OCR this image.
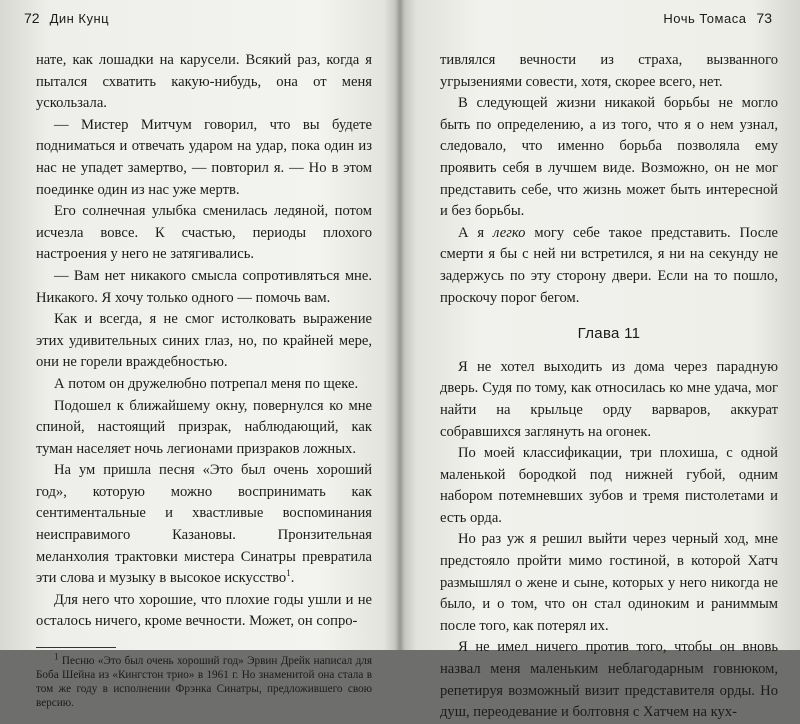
72 Дин Кунц

нате, как лошадки на карусели. Всякий раз, когда я пытался схватить какую-нибудь, она от меня ускользала.

— Мистер Митчум говорил, что вы будете подниматься и отвечать ударом на удар, пока один из нас не упадет замертво, — повторил я. — Но в этом поединке один из нас уже мертв.

Его солнечная улыбка сменилась ледяной, потом исчезла вовсе. К счастью, периоды плохого настроения у него не затягивались.

— Вам нет никакого смысла сопротивляться мне. Никакого. Я хочу только одного — помочь вам.

Как и всегда, я не смог истолковать выражение этих удивительных синих глаз, но, по крайней мере, они не горели враждебностью.

А потом он дружелюбно потрепал меня по щеке.

Подошел к ближайшему окну, повернулся ко мне спиной, настоящий призрак, наблюдающий, как туман населяет ночь легионами призраков ложных.

На ум пришла песня «Это был очень хороший год», которую можно воспринимать как сентиментальные и хвастливые воспоминания неисправимого Казановы. Пронзительная меланхолия трактовки мистера Синатры превратила эти слова и музыку в высокое искусство$^1$.

Для него что хорошие, что плохие годы ушли и не осталось ничего, кроме вечности. Может, он сопро-

$^1$ Песню «Это был очень хороший год» Эрвин Дрейк написал для Боба Шейна из «Кингстон трио» в 1961 г. Но знаменитой она стала в том же году в исполнении Фрэнка Синатры, предложившего свою версию.

Ночь Томаса 73

тивлялся вечности из страха, вызванного угрызениями совести, хотя, скорее всего, нет.

В следующей жизни никакой борьбы не могло быть по определению, а из того, что я о нем узнал, следовало, что именно борьба позволяла ему проявить себя в лучшем виде. Возможно, он не мог представить себе, что жизнь может быть интересной и без борьбы.

А я легко могу себе такое представить. После смерти я бы с ней ни встретился, я ни на секунду не задержусь по эту сторону двери. Если на то пошло, проскочу порог бегом.

Глава 11

Я не хотел выходить из дома через парадную дверь. Судя по тому, как относилась ко мне удача, мог найти на крыльце орду варваров, аккурат собравшихся заглянуть на огонек.

По моей классификации, три плохиша, с одной маленькой бородкой под нижней губой, одним набором потемневших зубов и тремя пистолетами и есть орда.

Но раз уж я решил выйти через черный ход, мне предстояло пройти мимо гостиной, в которой Хатч размышлял о жене и сыне, которых у него никогда не было, и о том, что он стал одиноким и раниммым после того, как потерял их.

Я не имел ничего против того, чтобы он вновь назвал меня маленьким неблагодарным говнюком, репетируя возможный визит представителя орды. Но душ, переодевание и болтовня с Хатчем на кух-
